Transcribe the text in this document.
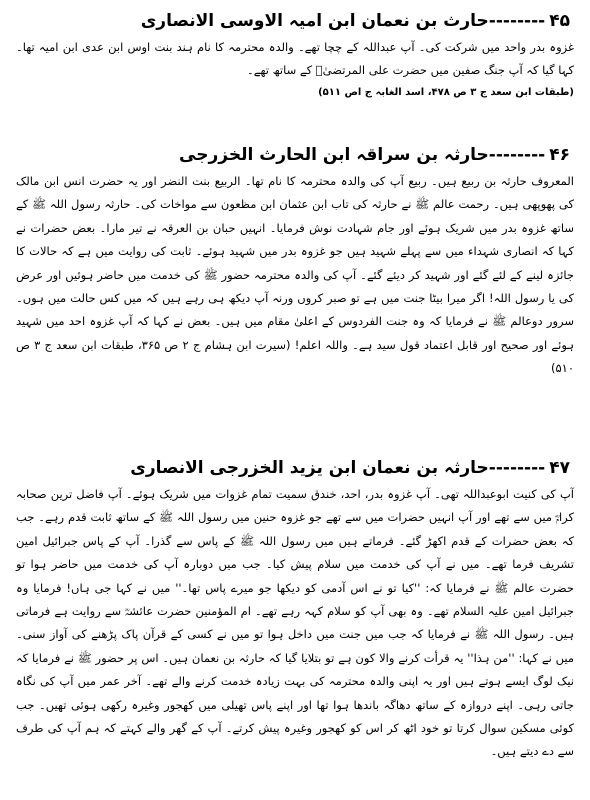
۴۵--------حارث بن نعمان ابن امیہ الاوسی الانصاری

غزوہ بدر واحد میں شرکت کی۔ آپ عبداللہ کے چچا تھے۔ والدہ محترمہ کا نام ہند بنت اوس ابن عدی ابن امیہ تھا۔ کہا گیا کہ آپ جنگ صفین میں حضرت علی المرتضیٰؓ کے ساتھ تھے۔

(طبقات ابن سعد ج ۳ ص ۴۷۸، اسد الغابہ ج اص ۵۱۱)

۴۶--------حارثہ بن سراقہ ابن الحارث الخزرجی

المعروف حارثہ بن ربیع ہیں۔ ربیع آپ کی والدہ محترمہ کا نام تھا۔ الربیع بنت النضر اور یہ حضرت انس ابن مالک کی پھوپھی ہیں۔ رحمت عالم ﷺ نے حارثہ کی تاب ابن عثمان ابن مظعون سے مواخات کی۔ حارثہ رسول اللہ ﷺ کے ساتھ غزوہ بدر میں شریک ہوئے اور جام شہادت نوش فرمایا۔ انہیں حبان بن العرقہ نے تیر مارا۔ بعض حضرات نے کہا کہ انصاری شہداء میں سے پہلے شہید ہیں جو غزوہ بدر میں شہید ہوئے۔ ثابت کی روایت میں ہے کہ حالات کا جائزہ لینے کے لئے گئے اور شہید کر دیئے گئے۔ آپ کی والدہ محترمہ حضور ﷺ کی خدمت میں حاضر ہوئیں اور عرض کی یا رسول اللہ! اگر میرا بیٹا جنت میں ہے تو صبر کروں ورنہ آپ دیکھ ہی رہے ہیں کہ میں کس حالت میں ہوں۔ سرور دوعالم ﷺ نے فرمایا کہ وہ جنت الفردوس کے اعلیٰ مقام میں ہیں۔ بعض نے کہا کہ آپ غزوہ احد میں شہید ہوئے اور صحیح اور قابل اعتماد قول سید ہے۔ واللہ اعلم! (سیرت ابن ہشام ج ۲ ص ۳۶۵، طبقات ابن سعد ج ۳ ص ۵۱۰)

۴۷--------حارثہ بن نعمان ابن یزید الخزرجی الانصاری

آپ کی کنیت ابوعبداللہ تھی۔ آپ غزوہ بدر، احد، خندق سمیت تمام غزوات میں شریک ہوئے۔ آپ فاضل ترین صحابہ کرامؓ میں سے تھے اور آپ انہیں حضرات میں سے تھے جو غزوہ حنین میں رسول اللہ ﷺ کے ساتھ ثابت قدم رہے۔ جب کہ بعض حضرات کے قدم اکھڑ گئے۔ فرماتے ہیں میں رسول اللہ ﷺ کے پاس سے گذرا۔ آپ کے پاس جبرائیل امین تشریف فرما تھے۔ میں نے آپ کی خدمت میں سلام پیش کیا۔ جب میں دوبارہ آپ کی خدمت میں حاضر ہوا تو حضرت عالم ﷺ نے فرمایا کہ: ''کیا تو نے اس آدمی کو دیکھا جو میرے پاس تھا۔'' میں نے کہا جی ہاں! فرمایا وہ جبرائیل امین علیہ السلام تھے۔ وہ بھی آپ کو سلام کہہ رہے تھے۔ ام المؤمنین حضرت عائشہؓ سے روایت ہے فرماتی ہیں۔ رسول اللہ ﷺ نے فرمایا کہ جب میں جنت میں داخل ہوا تو میں نے کسی کے قرآن پاک پڑھنے کی آواز سنی۔ میں نے کہا: ''من ہذا'' یہ قرأت کرنے والا کون ہے تو بتلایا گیا کہ حارثہ بن نعمان ہیں۔ اس پر حضور ﷺ نے فرمایا کہ نیک لوگ ایسے ہوتے ہیں اور یہ اپنی والدہ محترمہ کی بہت زیادہ خدمت کرنے والے تھے۔ آخر عمر میں آپ کی نگاہ جاتی رہی۔ اپنے دروازہ کے ساتھ دھاگہ باندھا ہوا تھا اور اپنے پاس تھیلی میں کھجور وغیرہ رکھی ہوئی تھیں۔ جب کوئی مسکین سوال کرتا تو خود اٹھ کر اس کو کھجور وغیرہ پیش کرتے۔ آپ کے گھر والے کہتے کہ ہم آپ کی طرف سے دے دیتے ہیں۔
